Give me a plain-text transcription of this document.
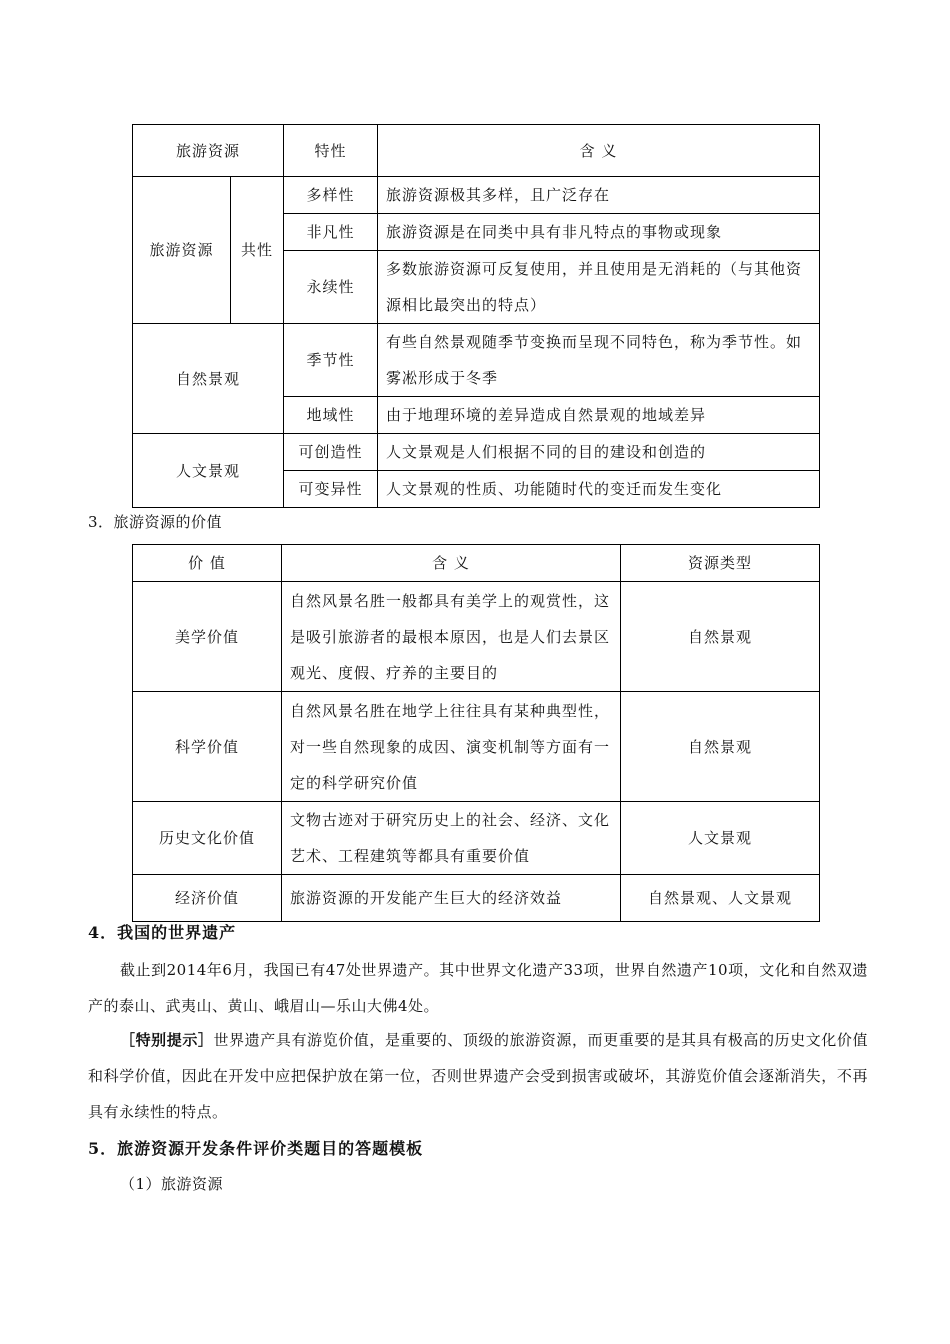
旅游资源		特性	含 义
旅游资源	共性	多样性	旅游资源极其多样，且广泛存在
		非凡性	旅游资源是在同类中具有非凡特点的事物或现象
		永续性	多数旅游资源可反复使用，并且使用是无消耗的（与其他资源相比最突出的特点）
自然景观		季节性	有些自然景观随季节变换而呈现不同特色，称为季节性。如雾凇形成于冬季
		地域性	由于地理环境的差异造成自然景观的地域差异
人文景观		可创造性	人文景观是人们根据不同的目的建设和创造的
		可变异性	人文景观的性质、功能随时代的变迁而发生变化
3．旅游资源的价值
价 值	含 义	资源类型
美学价值	自然风景名胜一般都具有美学上的观赏性，这是吸引旅游者的最根本原因，也是人们去景区观光、度假、疗养的主要目的	自然景观
科学价值	自然风景名胜在地学上往往具有某种典型性，对一些自然现象的成因、演变机制等方面有一定的科学研究价值	自然景观
历史文化价值	文物古迹对于研究历史上的社会、经济、文化艺术、工程建筑等都具有重要价值	人文景观
经济价值	旅游资源的开发能产生巨大的经济效益	自然景观、人文景观
4．我国的世界遗产
截止到2014年6月，我国已有47处世界遗产。其中世界文化遗产33项，世界自然遗产10项，文化和自然双遗产的泰山、武夷山、黄山、峨眉山—乐山大佛4处。
［特别提示］世界遗产具有游览价值，是重要的、顶级的旅游资源，而更重要的是其具有极高的历史文化价值和科学价值，因此在开发中应把保护放在第一位，否则世界遗产会受到损害或破坏，其游览价值会逐渐消失，不再具有永续性的特点。
5．旅游资源开发条件评价类题目的答题模板
（1）旅游资源
